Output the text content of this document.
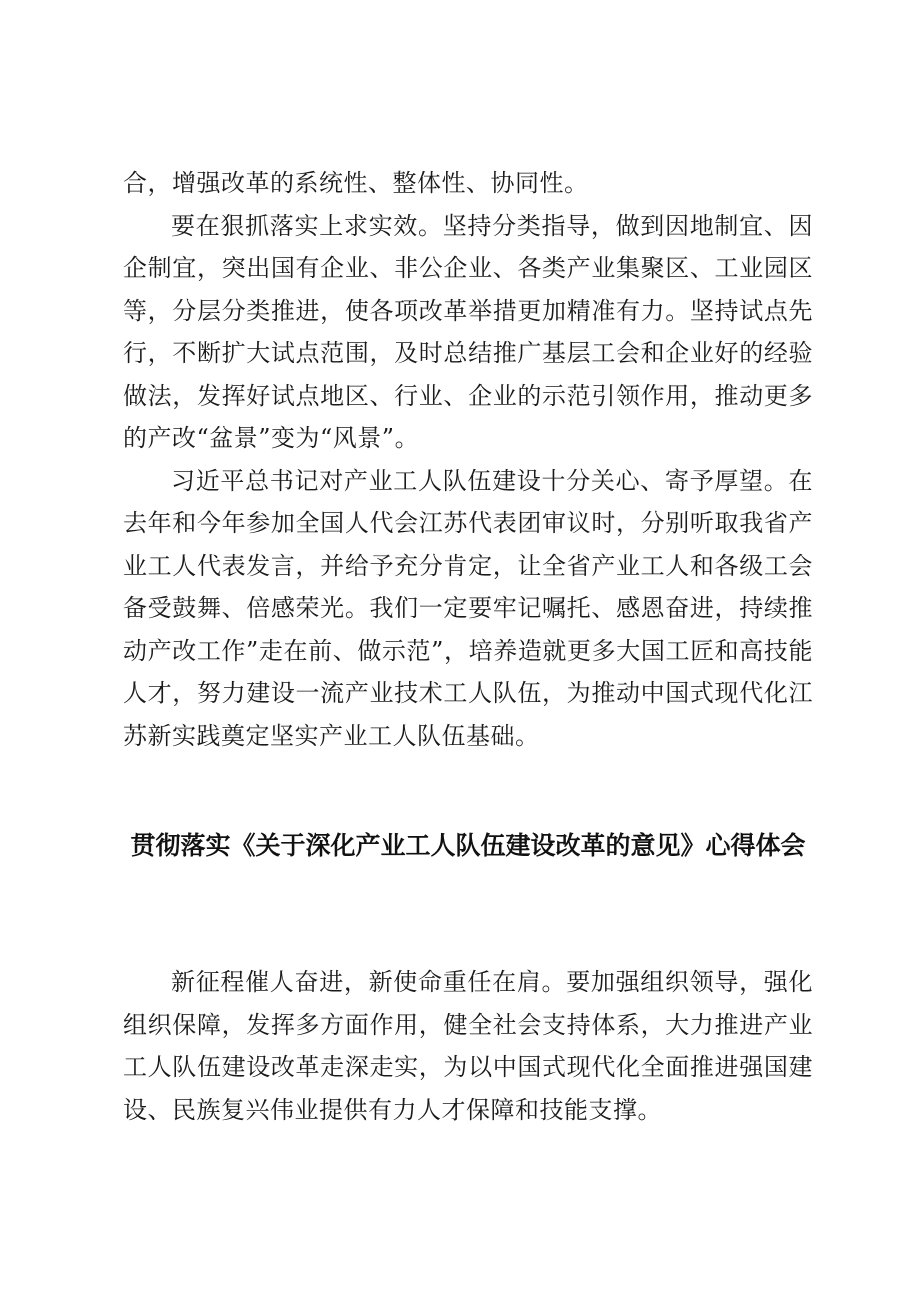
合，增强改革的系统性、整体性、协同性。

要在狠抓落实上求实效。坚持分类指导，做到因地制宜、因企制宜，突出国有企业、非公企业、各类产业集聚区、工业园区等，分层分类推进，使各项改革举措更加精准有力。坚持试点先行，不断扩大试点范围，及时总结推广基层工会和企业好的经验做法，发挥好试点地区、行业、企业的示范引领作用，推动更多的产改“盆景”变为“风景”。

习近平总书记对产业工人队伍建设十分关心、寄予厚望。在去年和今年参加全国人代会江苏代表团审议时，分别听取我省产业工人代表发言，并给予充分肯定，让全省产业工人和各级工会备受鼓舞、倍感荣光。我们一定要牢记嘱托、感恩奋进，持续推动产改工作”走在前、做示范”，培养造就更多大国工匠和高技能人才，努力建设一流产业技术工人队伍，为推动中国式现代化江苏新实践奠定坚实产业工人队伍基础。

贯彻落实《关于深化产业工人队伍建设改革的意见》心得体会

新征程催人奋进，新使命重任在肩。要加强组织领导，强化组织保障，发挥多方面作用，健全社会支持体系，大力推进产业工人队伍建设改革走深走实，为以中国式现代化全面推进强国建设、民族复兴伟业提供有力人才保障和技能支撑。
